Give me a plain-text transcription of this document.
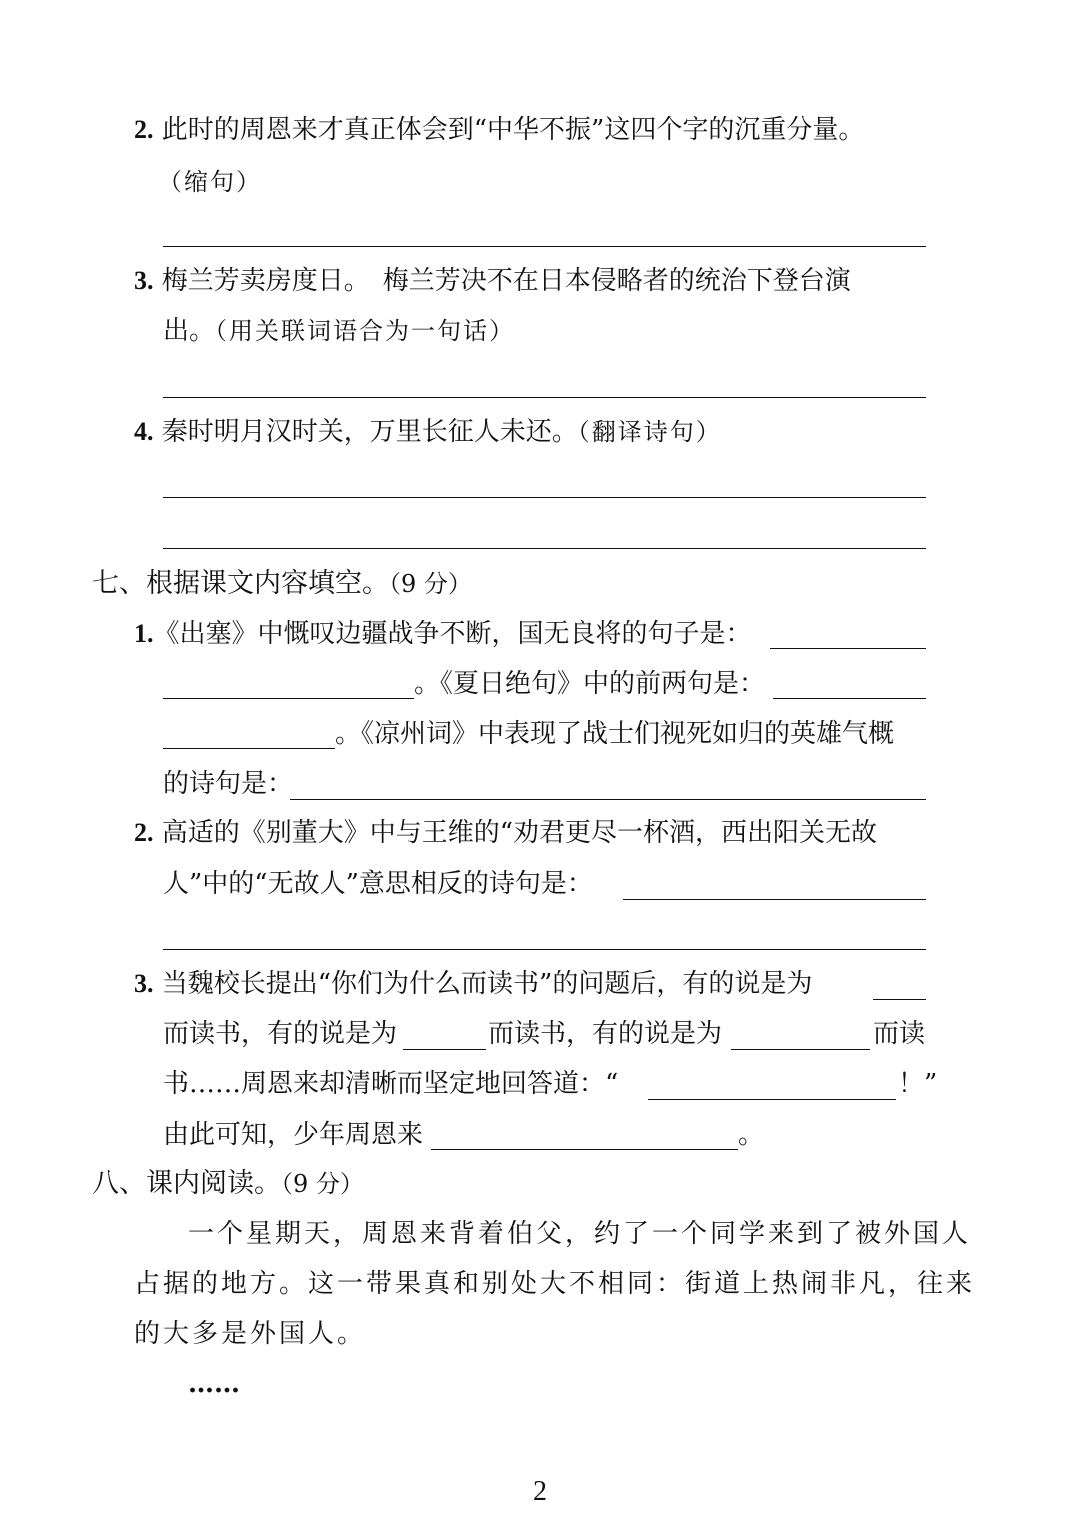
2. 此时的周恩来才真正体会到“中华不振”这四个字的沉重分量。
（缩句）
3. 梅兰芳卖房度日。　梅兰芳决不在日本侵略者的统治下登台演
出。（用关联词语合为一句话）
4. 秦时明月汉时关，万里长征人未还。（翻译诗句）
七、根据课文内容填空。（9 分）
1.《出塞》中慨叹边疆战争不断，国无良将的句子是：
。《夏日绝句》中的前两句是：
。《凉州词》中表现了战士们视死如归的英雄气概
的诗句是：
2. 高适的《别董大》中与王维的“劝君更尽一杯酒，西出阳关无故
人”中的“无故人”意思相反的诗句是：
3. 当魏校长提出“你们为什么而读书”的问题后，有的说是为
而读书，有的说是为	而读书，有的说是为	而读
书……周恩来却清晰而坚定地回答道：“	！”
由此可知，少年周恩来	。
八、课内阅读。（9 分）
一个星期天，周恩来背着伯父，约了一个同学来到了被外国人
占据的地方。这一带果真和别处大不相同：街道上热闹非凡，往来
的大多是外国人。
……
2
